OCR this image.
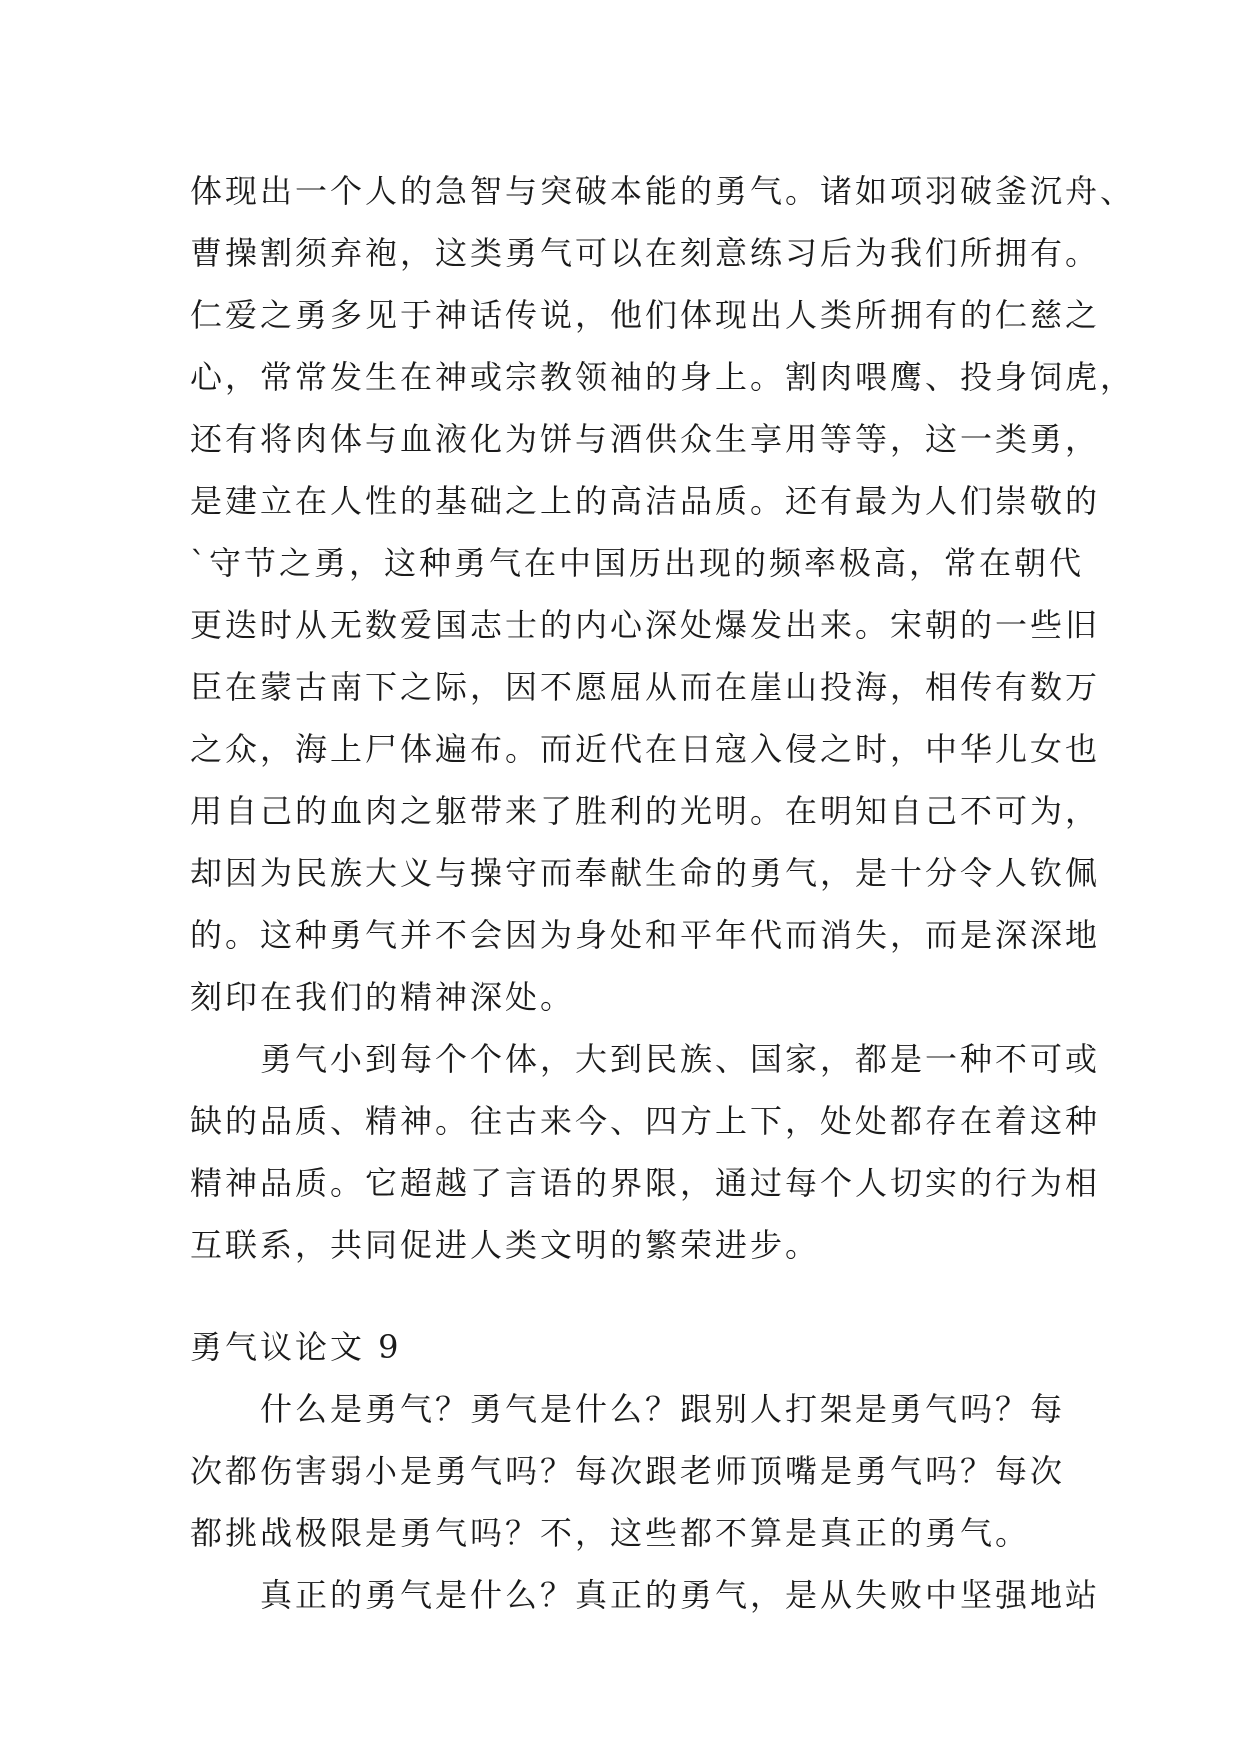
体现出一个人的急智与突破本能的勇气。诸如项羽破釜沉舟、
曹操割须弃袍，这类勇气可以在刻意练习后为我们所拥有。
仁爱之勇多见于神话传说，他们体现出人类所拥有的仁慈之
心，常常发生在神或宗教领袖的身上。割肉喂鹰、投身饲虎，
还有将肉体与血液化为饼与酒供众生享用等等，这一类勇，
是建立在人性的基础之上的高洁品质。还有最为人们崇敬的
`守节之勇，这种勇气在中国历出现的频率极高，常在朝代
更迭时从无数爱国志士的内心深处爆发出来。宋朝的一些旧
臣在蒙古南下之际，因不愿屈从而在崖山投海，相传有数万
之众，海上尸体遍布。而近代在日寇入侵之时，中华儿女也
用自己的血肉之躯带来了胜利的光明。在明知自己不可为，
却因为民族大义与操守而奉献生命的勇气，是十分令人钦佩
的。这种勇气并不会因为身处和平年代而消失，而是深深地
刻印在我们的精神深处。
　　勇气小到每个个体，大到民族、国家，都是一种不可或
缺的品质、精神。往古来今、四方上下，处处都存在着这种
精神品质。它超越了言语的界限，通过每个人切实的行为相
互联系，共同促进人类文明的繁荣进步。
勇气议论文 9
　　什么是勇气？勇气是什么？跟别人打架是勇气吗？每
次都伤害弱小是勇气吗？每次跟老师顶嘴是勇气吗？每次
都挑战极限是勇气吗？不，这些都不算是真正的勇气。
　　真正的勇气是什么？真正的勇气，是从失败中坚强地站
